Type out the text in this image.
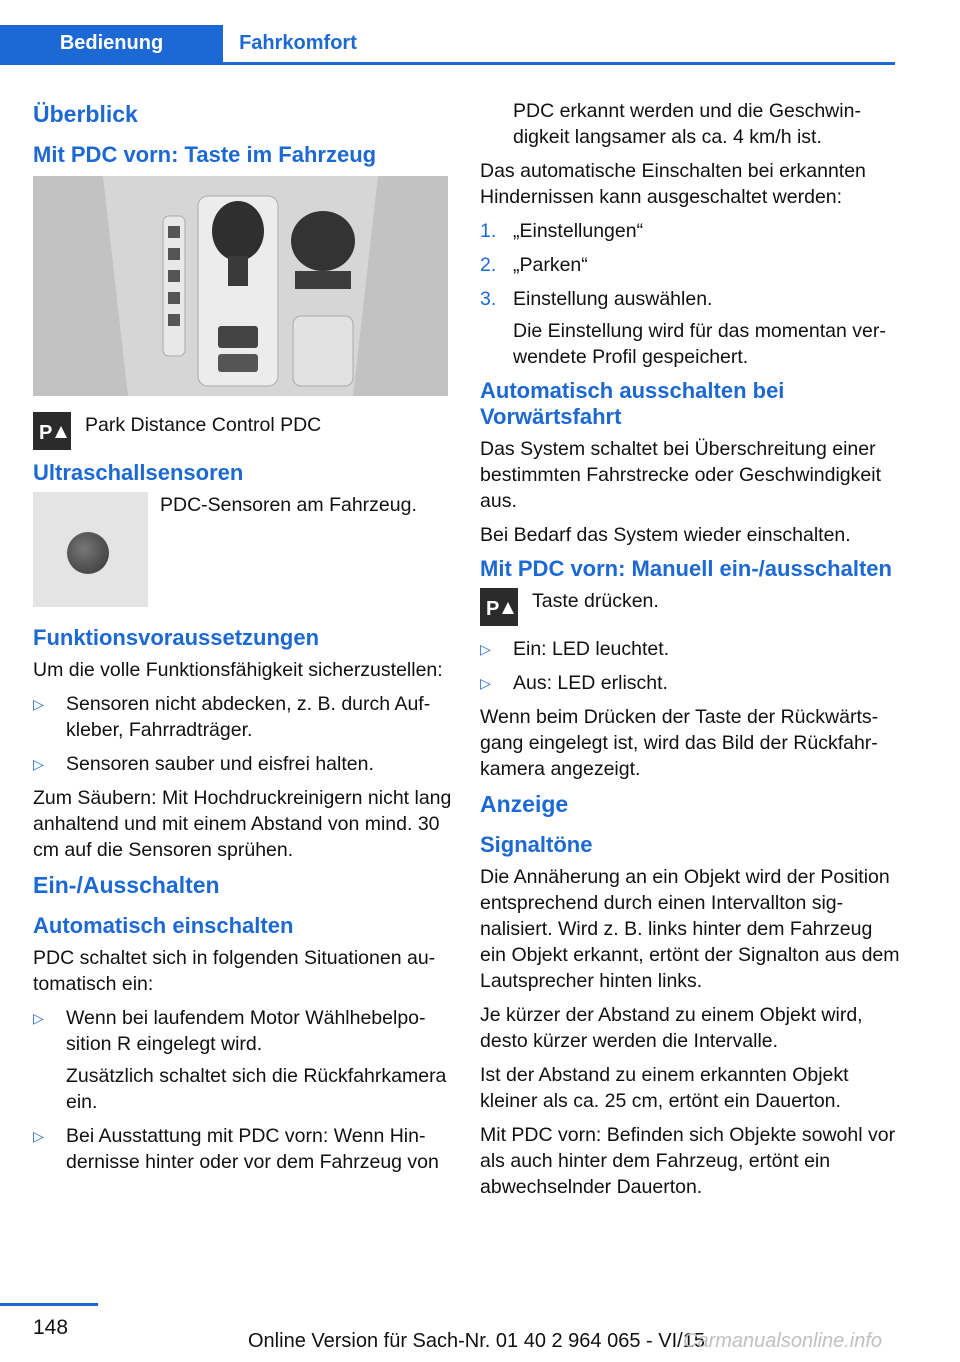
Bedienung	Fahrkomfort
Überblick
Mit PDC vorn: Taste im Fahrzeug
P Park Distance Control PDC
Ultraschallsensoren
PDC-Sensoren am Fahrzeug.
Funktionsvoraussetzungen

Um die volle Funktionsfähigkeit sicherzustellen:

▷ Sensoren nicht abdecken, z. B. durch Aufkleber, Fahrradträger.
▷ Sensoren sauber und eisfrei halten.

Zum Säubern: Mit Hochdruckreinigern nicht lang anhaltend und mit einem Abstand von mind. 30 cm auf die Sensoren sprühen.

Ein-/Ausschalten
Automatisch einschalten

PDC schaltet sich in folgenden Situationen automatisch ein:

▷ Wenn bei laufendem Motor Wählhebelposition R eingelegt wird.
Zusätzlich schaltet sich die Rückfahrkamera ein.
▷ Bei Ausstattung mit PDC vorn: Wenn Hindernisse hinter oder vor dem Fahrzeug von

PDC erkannt werden und die Geschwindigkeit langsamer als ca. 4 km/h ist.

Das automatische Einschalten bei erkannten Hindernissen kann ausgeschaltet werden:

1. „Einstellungen“
2. „Parken“
3. Einstellung auswählen.
Die Einstellung wird für das momentan verwendete Profil gespeichert.
Automatisch ausschalten bei Vorwärtsfahrt

Das System schaltet bei Überschreitung einer bestimmten Fahrstrecke oder Geschwindigkeit aus.

Bei Bedarf das System wieder einschalten.

Mit PDC vorn: Manuell ein-/ausschalten
P Taste drücken.
▷ Ein: LED leuchtet.
▷ Aus: LED erlischt.

Wenn beim Drücken der Taste der Rückwärtsgang eingelegt ist, wird das Bild der Rückfahrkamera angezeigt.

Anzeige
Signaltöne

Die Annäherung an ein Objekt wird der Position entsprechend durch einen Intervallton signalisiert. Wird z. B. links hinter dem Fahrzeug ein Objekt erkannt, ertönt der Signalton aus dem Lautsprecher hinten links.

Je kürzer der Abstand zu einem Objekt wird, desto kürzer werden die Intervalle.

Ist der Abstand zu einem erkannten Objekt kleiner als ca. 25 cm, ertönt ein Dauerton.

Mit PDC vorn: Befinden sich Objekte sowohl vor als auch hinter dem Fahrzeug, ertönt ein abwechselnder Dauerton.

148
Online Version für Sach-Nr. 01 40 2 964 065 - VI/15
Carmanualsonline.info
